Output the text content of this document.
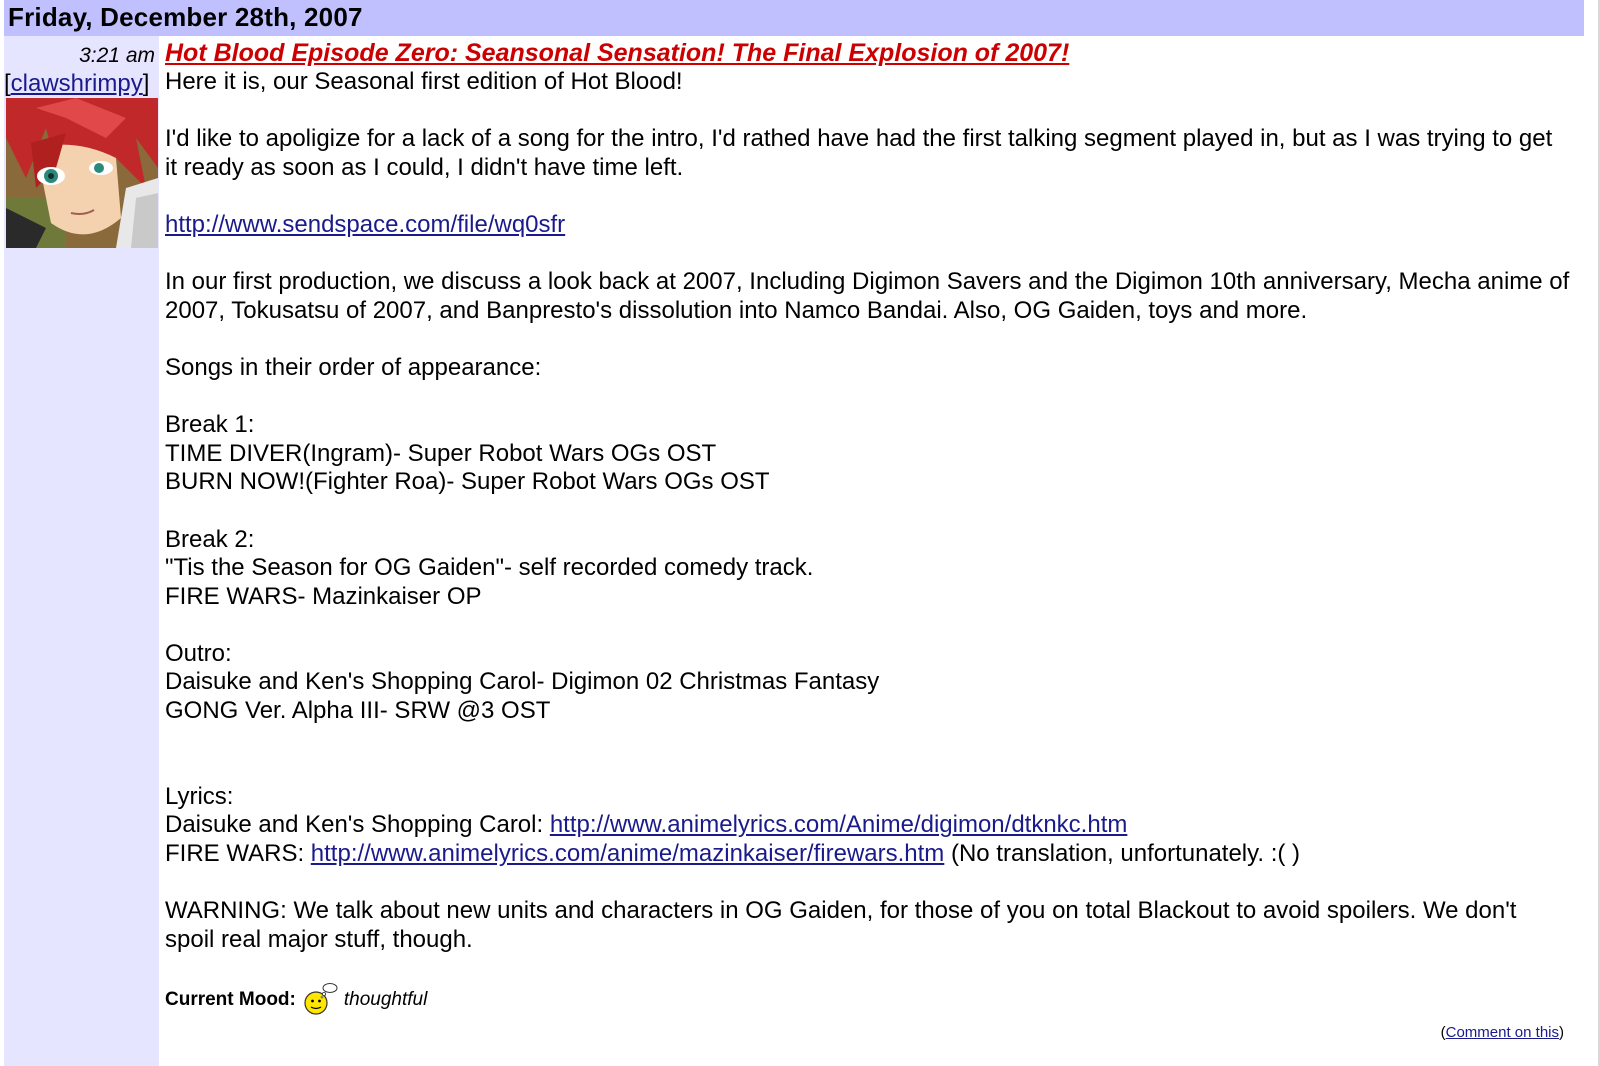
Friday, December 28th, 2007
3:21 am
[clawshrimpy]
Hot Blood Episode Zero: Seansonal Sensation! The Final Explosion of 2007!

Here it is, our Seasonal first edition of Hot Blood!

I'd like to apoligize for a lack of a song for the intro, I'd rathed have had the first talking segment played in, but as I was trying to get it ready as soon as I could, I didn't have time left.

http://www.sendspace.com/file/wq0sfr

In our first production, we discuss a look back at 2007, Including Digimon Savers and the Digimon 10th anniversary, Mecha anime of 2007, Tokusatsu of 2007, and Banpresto's dissolution into Namco Bandai. Also, OG Gaiden, toys and more.

Songs in their order of appearance:

Break 1:

TIME DIVER(Ingram)- Super Robot Wars OGs OST

BURN NOW!(Fighter Roa)- Super Robot Wars OGs OST

Break 2:

"Tis the Season for OG Gaiden"- self recorded comedy track.

FIRE WARS- Mazinkaiser OP

Outro:

Daisuke and Ken's Shopping Carol- Digimon 02 Christmas Fantasy

GONG Ver. Alpha III- SRW @3 OST

Lyrics:

Daisuke and Ken's Shopping Carol: http://www.animelyrics.com/Anime/digimon/dtknkc.htm

FIRE WARS: http://www.animelyrics.com/anime/mazinkaiser/firewars.htm (No translation, unfortunately. :( )

WARNING: We talk about new units and characters in OG Gaiden, for those of you on total Blackout to avoid spoilers. We don't spoil real major stuff, though.

Current Mood:	thoughtful
(Comment on this)
